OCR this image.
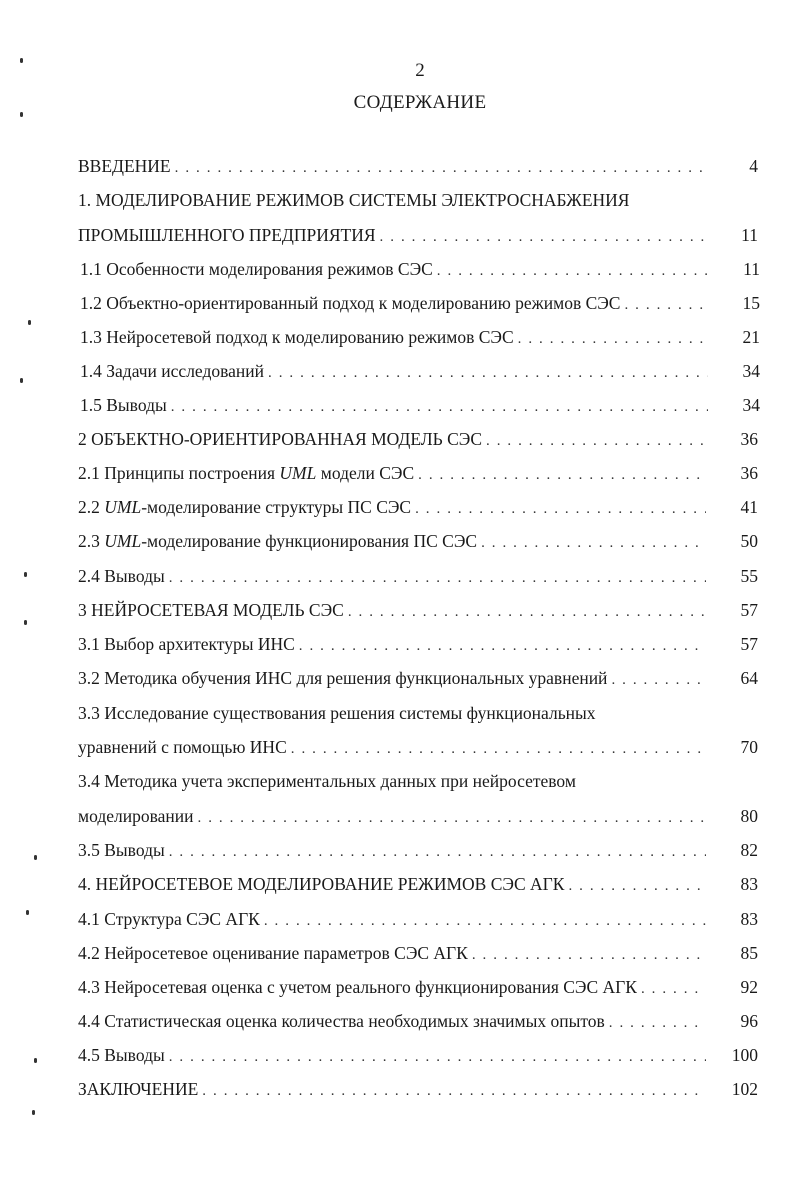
2
СОДЕРЖАНИЕ
ВВЕДЕНИЕ . . .	4
1. МОДЕЛИРОВАНИЕ РЕЖИМОВ СИСТЕМЫ ЭЛЕКТРОСНАБЖЕНИЯ
ПРОМЫШЛЕННОГО ПРЕДПРИЯТИЯ . . .	11
1.1 Особенности моделирования режимов СЭС . . .	11
1.2 Объектно-ориентированный подход к моделированию режимов СЭС . . .	15
1.3 Нейросетевой подход к моделированию режимов СЭС . . .	21
1.4 Задачи исследований . . .	34
1.5 Выводы . . .	34
2 ОБЪЕКТНО-ОРИЕНТИРОВАННАЯ МОДЕЛЬ СЭС . . .	36
2.1 Принципы построения UML модели СЭС . . .	36
2.2 UML-моделирование структуры ПС СЭС . . .	41
2.3 UML-моделирование функционирования ПС СЭС . . .	50
2.4 Выводы . . .	55
3 НЕЙРОСЕТЕВАЯ МОДЕЛЬ СЭС . . .	57
3.1 Выбор архитектуры ИНС . . .	57
3.2 Методика обучения ИНС для решения функциональных уравнений . . .	64
3.3 Исследование существования решения системы функциональных
уравнений с помощью ИНС . . .	70
3.4 Методика учета экспериментальных данных при нейросетевом
моделировании . . .	80
3.5 Выводы . . .	82
4. НЕЙРОСЕТЕВОЕ МОДЕЛИРОВАНИЕ РЕЖИМОВ СЭС АГК . . .	83
4.1 Структура СЭС АГК . . .	83
4.2 Нейросетевое оценивание параметров СЭС АГК . . .	85
4.3 Нейросетевая оценка с учетом реального функционирования СЭС АГК . . .	92
4.4 Статистическая оценка количества необходимых значимых опытов . . .	96
4.5 Выводы . . .	100
ЗАКЛЮЧЕНИЕ . . .	102
